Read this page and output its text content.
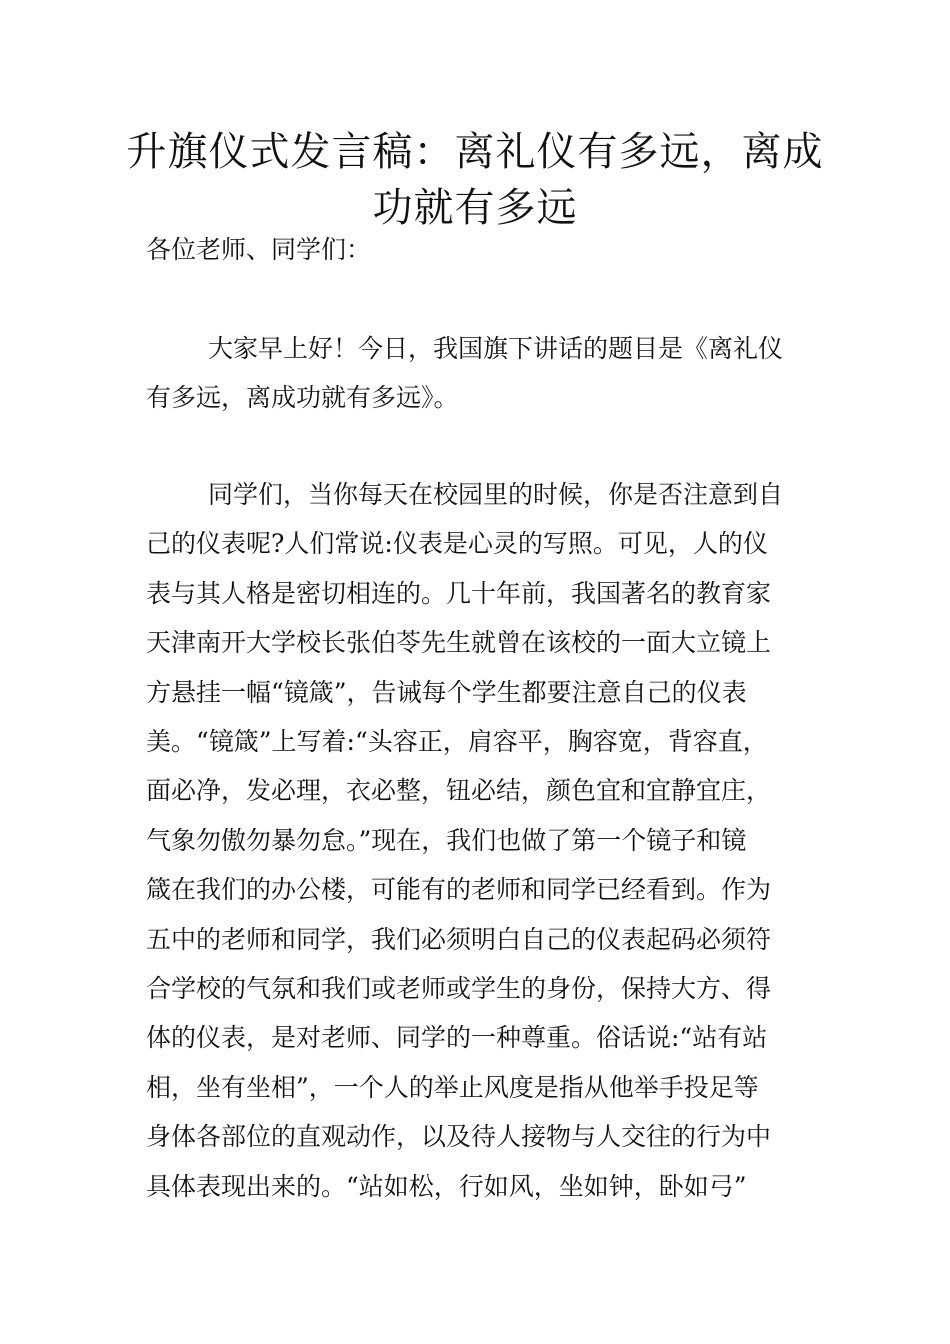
升旗仪式发言稿：离礼仪有多远，离成
功就有多远

各位老师、同学们：

大家早上好！今日，我国旗下讲话的题目是《离礼仪
有多远，离成功就有多远》。

同学们，当你每天在校园里的时候，你是否注意到自
己的仪表呢?人们常说:仪表是心灵的写照。可见，人的仪
表与其人格是密切相连的。几十年前，我国著名的教育家
天津南开大学校长张伯苓先生就曾在该校的一面大立镜上
方悬挂一幅“镜箴”，告诫每个学生都要注意自己的仪表
美。“镜箴”上写着:“头容正，肩容平，胸容宽，背容直，
面必净，发必理，衣必整，钮必结，颜色宜和宜静宜庄，
气象勿傲勿暴勿怠。”现在，我们也做了第一个镜子和镜
箴在我们的办公楼，可能有的老师和同学已经看到。作为
五中的老师和同学，我们必须明白自己的仪表起码必须符
合学校的气氛和我们或老师或学生的身份，保持大方、得
体的仪表，是对老师、同学的一种尊重。俗话说:“站有站
相，坐有坐相”，一个人的举止风度是指从他举手投足等
身体各部位的直观动作，以及待人接物与人交往的行为中
具体表现出来的。“站如松，行如风，坐如钟，卧如弓”
